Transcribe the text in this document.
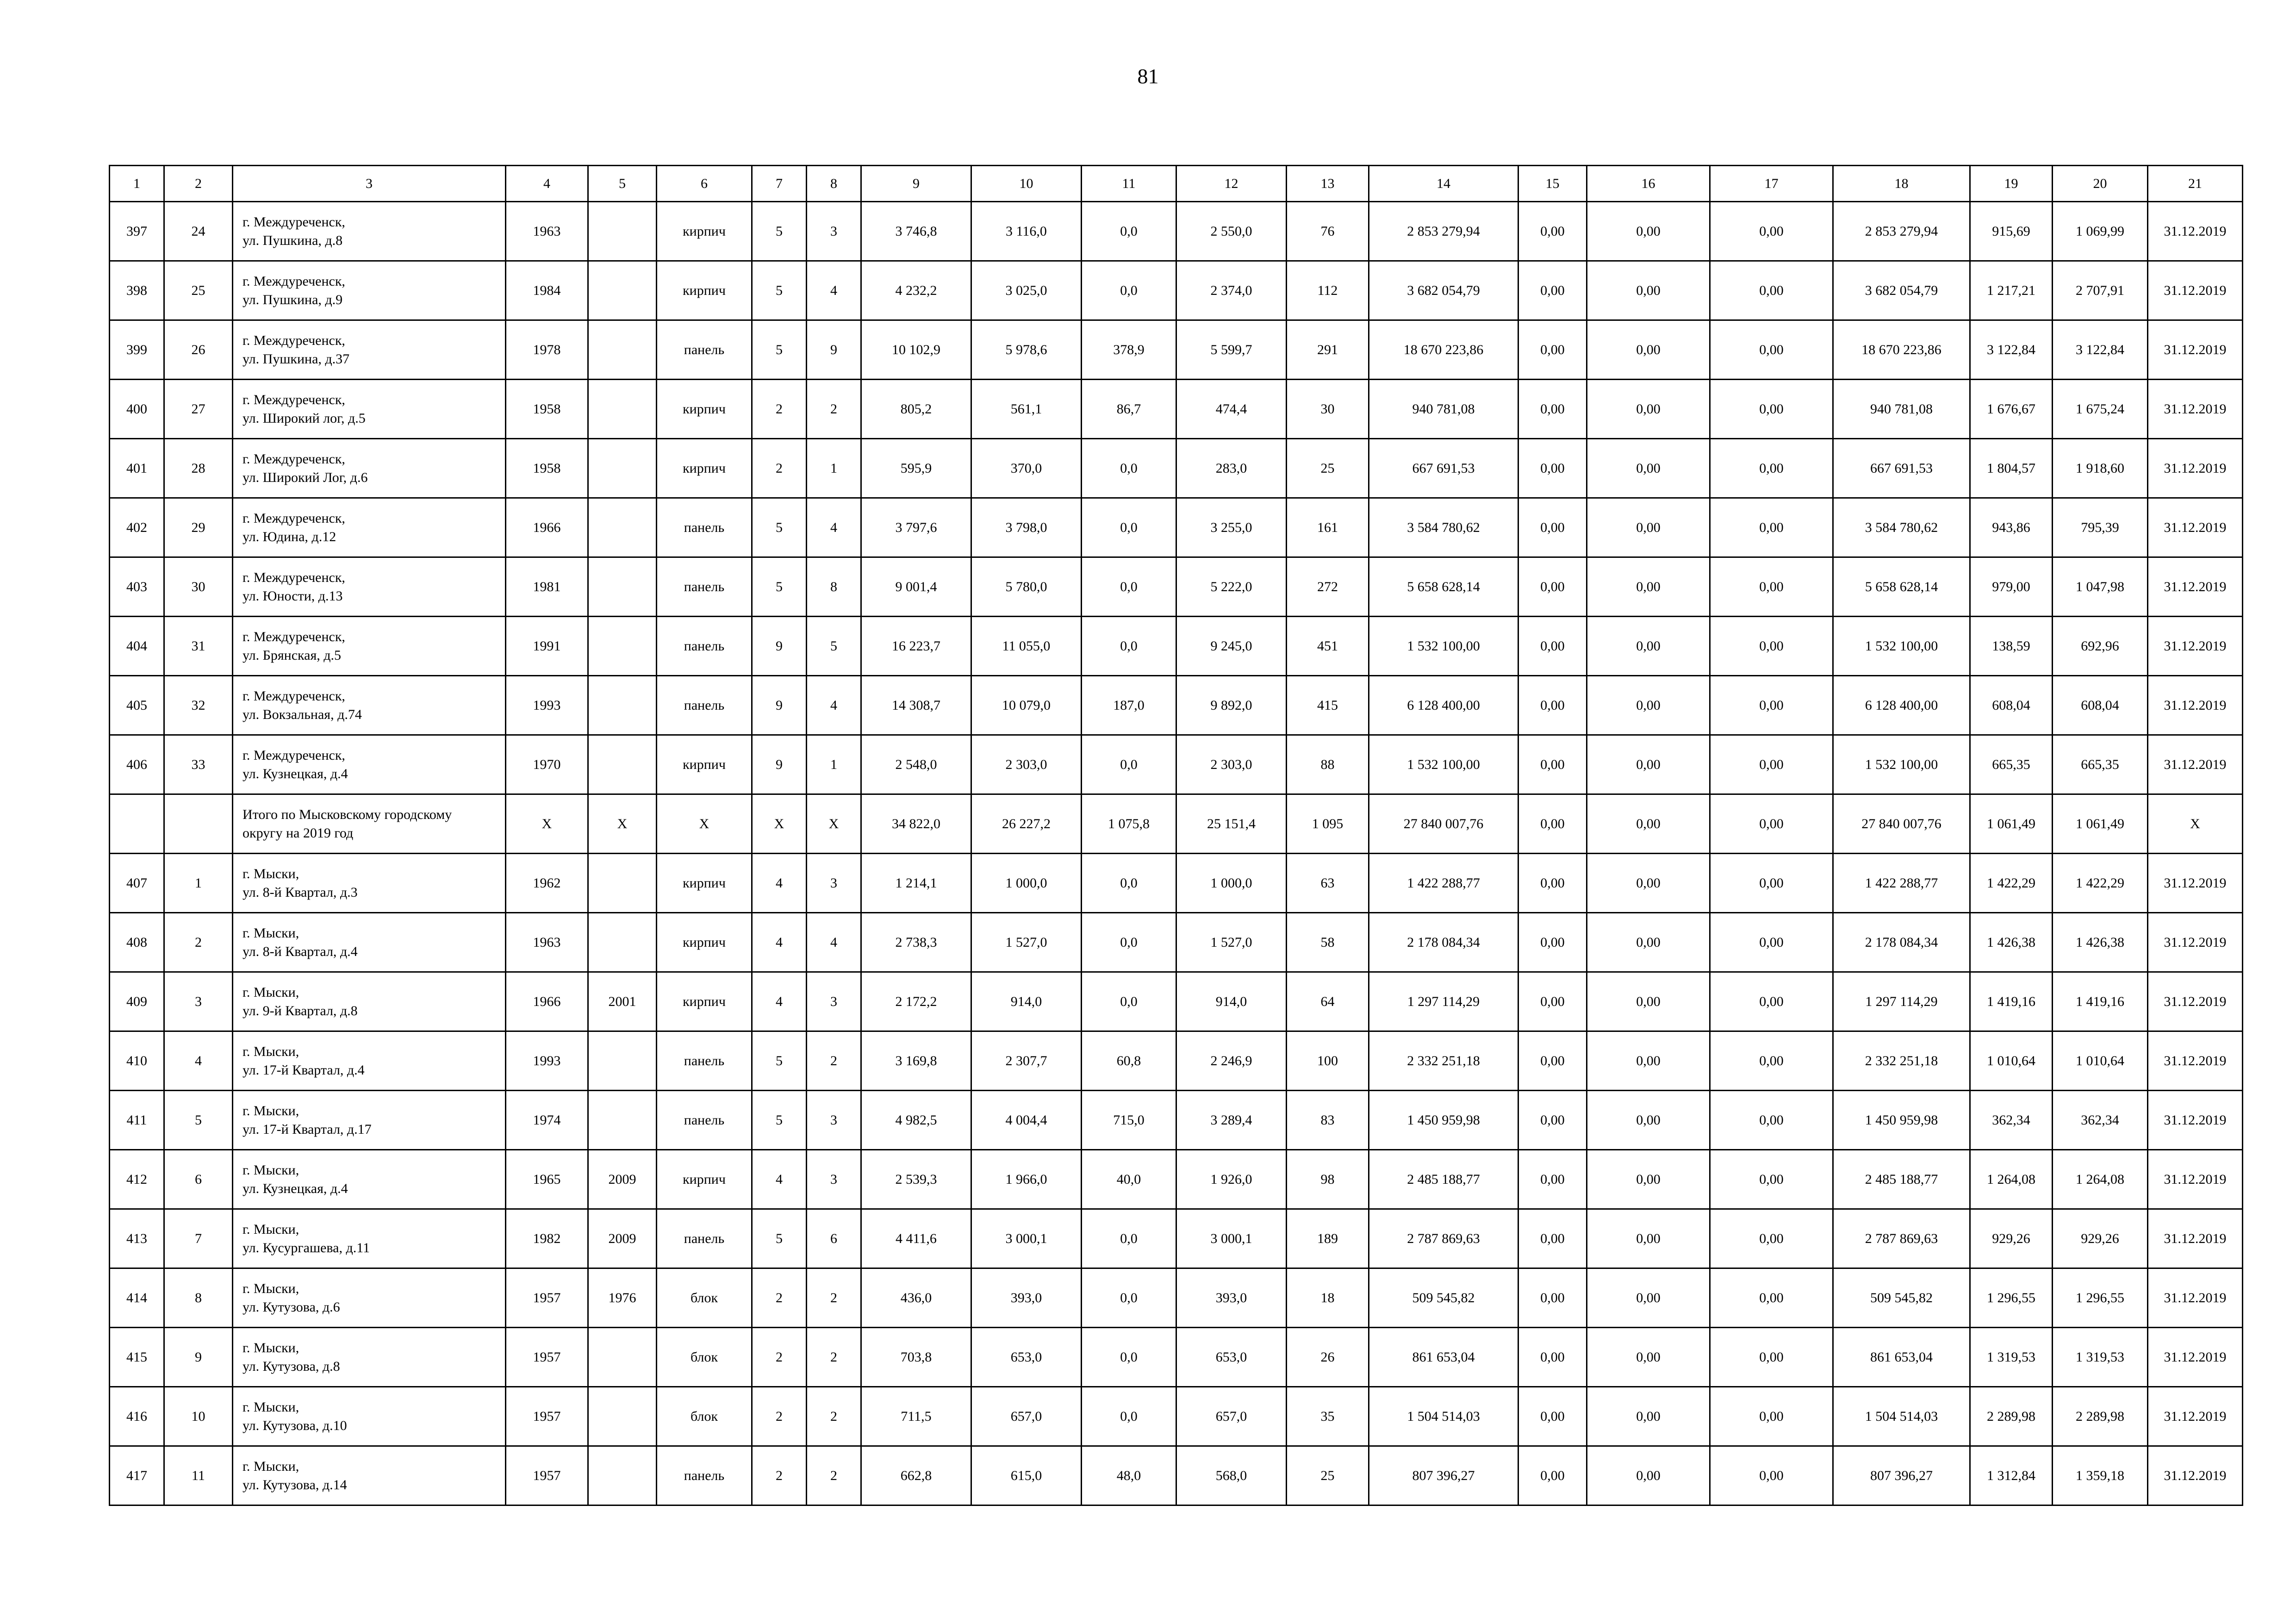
81
1	2	3	4	5	6	7	8	9	10	11	12	13	14	15	16	17	18	19	20	21
397	24	г. Междуреченск,
ул. Пушкина, д.8	1963		кирпич	5	3	3 746,8	3 116,0	0,0	2 550,0	76	2 853 279,94	0,00	0,00	0,00	2 853 279,94	915,69	1 069,99	31.12.2019
398	25	г. Междуреченск,
ул. Пушкина, д.9	1984		кирпич	5	4	4 232,2	3 025,0	0,0	2 374,0	112	3 682 054,79	0,00	0,00	0,00	3 682 054,79	1 217,21	2 707,91	31.12.2019
399	26	г. Междуреченск,
ул. Пушкина, д.37	1978		панель	5	9	10 102,9	5 978,6	378,9	5 599,7	291	18 670 223,86	0,00	0,00	0,00	18 670 223,86	3 122,84	3 122,84	31.12.2019
400	27	г. Междуреченск,
ул. Широкий лог, д.5	1958		кирпич	2	2	805,2	561,1	86,7	474,4	30	940 781,08	0,00	0,00	0,00	940 781,08	1 676,67	1 675,24	31.12.2019
401	28	г. Междуреченск,
ул. Широкий Лог, д.6	1958		кирпич	2	1	595,9	370,0	0,0	283,0	25	667 691,53	0,00	0,00	0,00	667 691,53	1 804,57	1 918,60	31.12.2019
402	29	г. Междуреченск,
ул. Юдина, д.12	1966		панель	5	4	3 797,6	3 798,0	0,0	3 255,0	161	3 584 780,62	0,00	0,00	0,00	3 584 780,62	943,86	795,39	31.12.2019
403	30	г. Междуреченск,
ул. Юности, д.13	1981		панель	5	8	9 001,4	5 780,0	0,0	5 222,0	272	5 658 628,14	0,00	0,00	0,00	5 658 628,14	979,00	1 047,98	31.12.2019
404	31	г. Междуреченск,
ул. Брянская, д.5	1991		панель	9	5	16 223,7	11 055,0	0,0	9 245,0	451	1 532 100,00	0,00	0,00	0,00	1 532 100,00	138,59	692,96	31.12.2019
405	32	г. Междуреченск,
ул. Вокзальная, д.74	1993		панель	9	4	14 308,7	10 079,0	187,0	9 892,0	415	6 128 400,00	0,00	0,00	0,00	6 128 400,00	608,04	608,04	31.12.2019
406	33	г. Междуреченск,
ул. Кузнецкая, д.4	1970		кирпич	9	1	2 548,0	2 303,0	0,0	2 303,0	88	1 532 100,00	0,00	0,00	0,00	1 532 100,00	665,35	665,35	31.12.2019

		Итого по Мысковскому городскому
округу на 2019 год	X	X	X	X	X	34 822,0	26 227,2	1 075,8	25 151,4	1 095	27 840 007,76	0,00	0,00	0,00	27 840 007,76	1 061,49	1 061,49	X
407	1	г. Мыски,
ул. 8-й Квартал, д.3	1962		кирпич	4	3	1 214,1	1 000,0	0,0	1 000,0	63	1 422 288,77	0,00	0,00	0,00	1 422 288,77	1 422,29	1 422,29	31.12.2019
408	2	г. Мыски,
ул. 8-й Квартал, д.4	1963		кирпич	4	4	2 738,3	1 527,0	0,0	1 527,0	58	2 178 084,34	0,00	0,00	0,00	2 178 084,34	1 426,38	1 426,38	31.12.2019
409	3	г. Мыски,
ул. 9-й Квартал, д.8	1966	2001	кирпич	4	3	2 172,2	914,0	0,0	914,0	64	1 297 114,29	0,00	0,00	0,00	1 297 114,29	1 419,16	1 419,16	31.12.2019
410	4	г. Мыски,
ул. 17-й Квартал, д.4	1993		панель	5	2	3 169,8	2 307,7	60,8	2 246,9	100	2 332 251,18	0,00	0,00	0,00	2 332 251,18	1 010,64	1 010,64	31.12.2019
411	5	г. Мыски,
ул. 17-й Квартал, д.17	1974		панель	5	3	4 982,5	4 004,4	715,0	3 289,4	83	1 450 959,98	0,00	0,00	0,00	1 450 959,98	362,34	362,34	31.12.2019
412	6	г. Мыски,
ул. Кузнецкая, д.4	1965	2009	кирпич	4	3	2 539,3	1 966,0	40,0	1 926,0	98	2 485 188,77	0,00	0,00	0,00	2 485 188,77	1 264,08	1 264,08	31.12.2019
413	7	г. Мыски,
ул. Кусургашева, д.11	1982	2009	панель	5	6	4 411,6	3 000,1	0,0	3 000,1	189	2 787 869,63	0,00	0,00	0,00	2 787 869,63	929,26	929,26	31.12.2019
414	8	г. Мыски,
ул. Кутузова, д.6	1957	1976	блок	2	2	436,0	393,0	0,0	393,0	18	509 545,82	0,00	0,00	0,00	509 545,82	1 296,55	1 296,55	31.12.2019
415	9	г. Мыски,
ул. Кутузова, д.8	1957		блок	2	2	703,8	653,0	0,0	653,0	26	861 653,04	0,00	0,00	0,00	861 653,04	1 319,53	1 319,53	31.12.2019
416	10	г. Мыски,
ул. Кутузова, д.10	1957		блок	2	2	711,5	657,0	0,0	657,0	35	1 504 514,03	0,00	0,00	0,00	1 504 514,03	2 289,98	2 289,98	31.12.2019
417	11	г. Мыски,
ул. Кутузова, д.14	1957		панель	2	2	662,8	615,0	48,0	568,0	25	807 396,27	0,00	0,00	0,00	807 396,27	1 312,84	1 359,18	31.12.2019
